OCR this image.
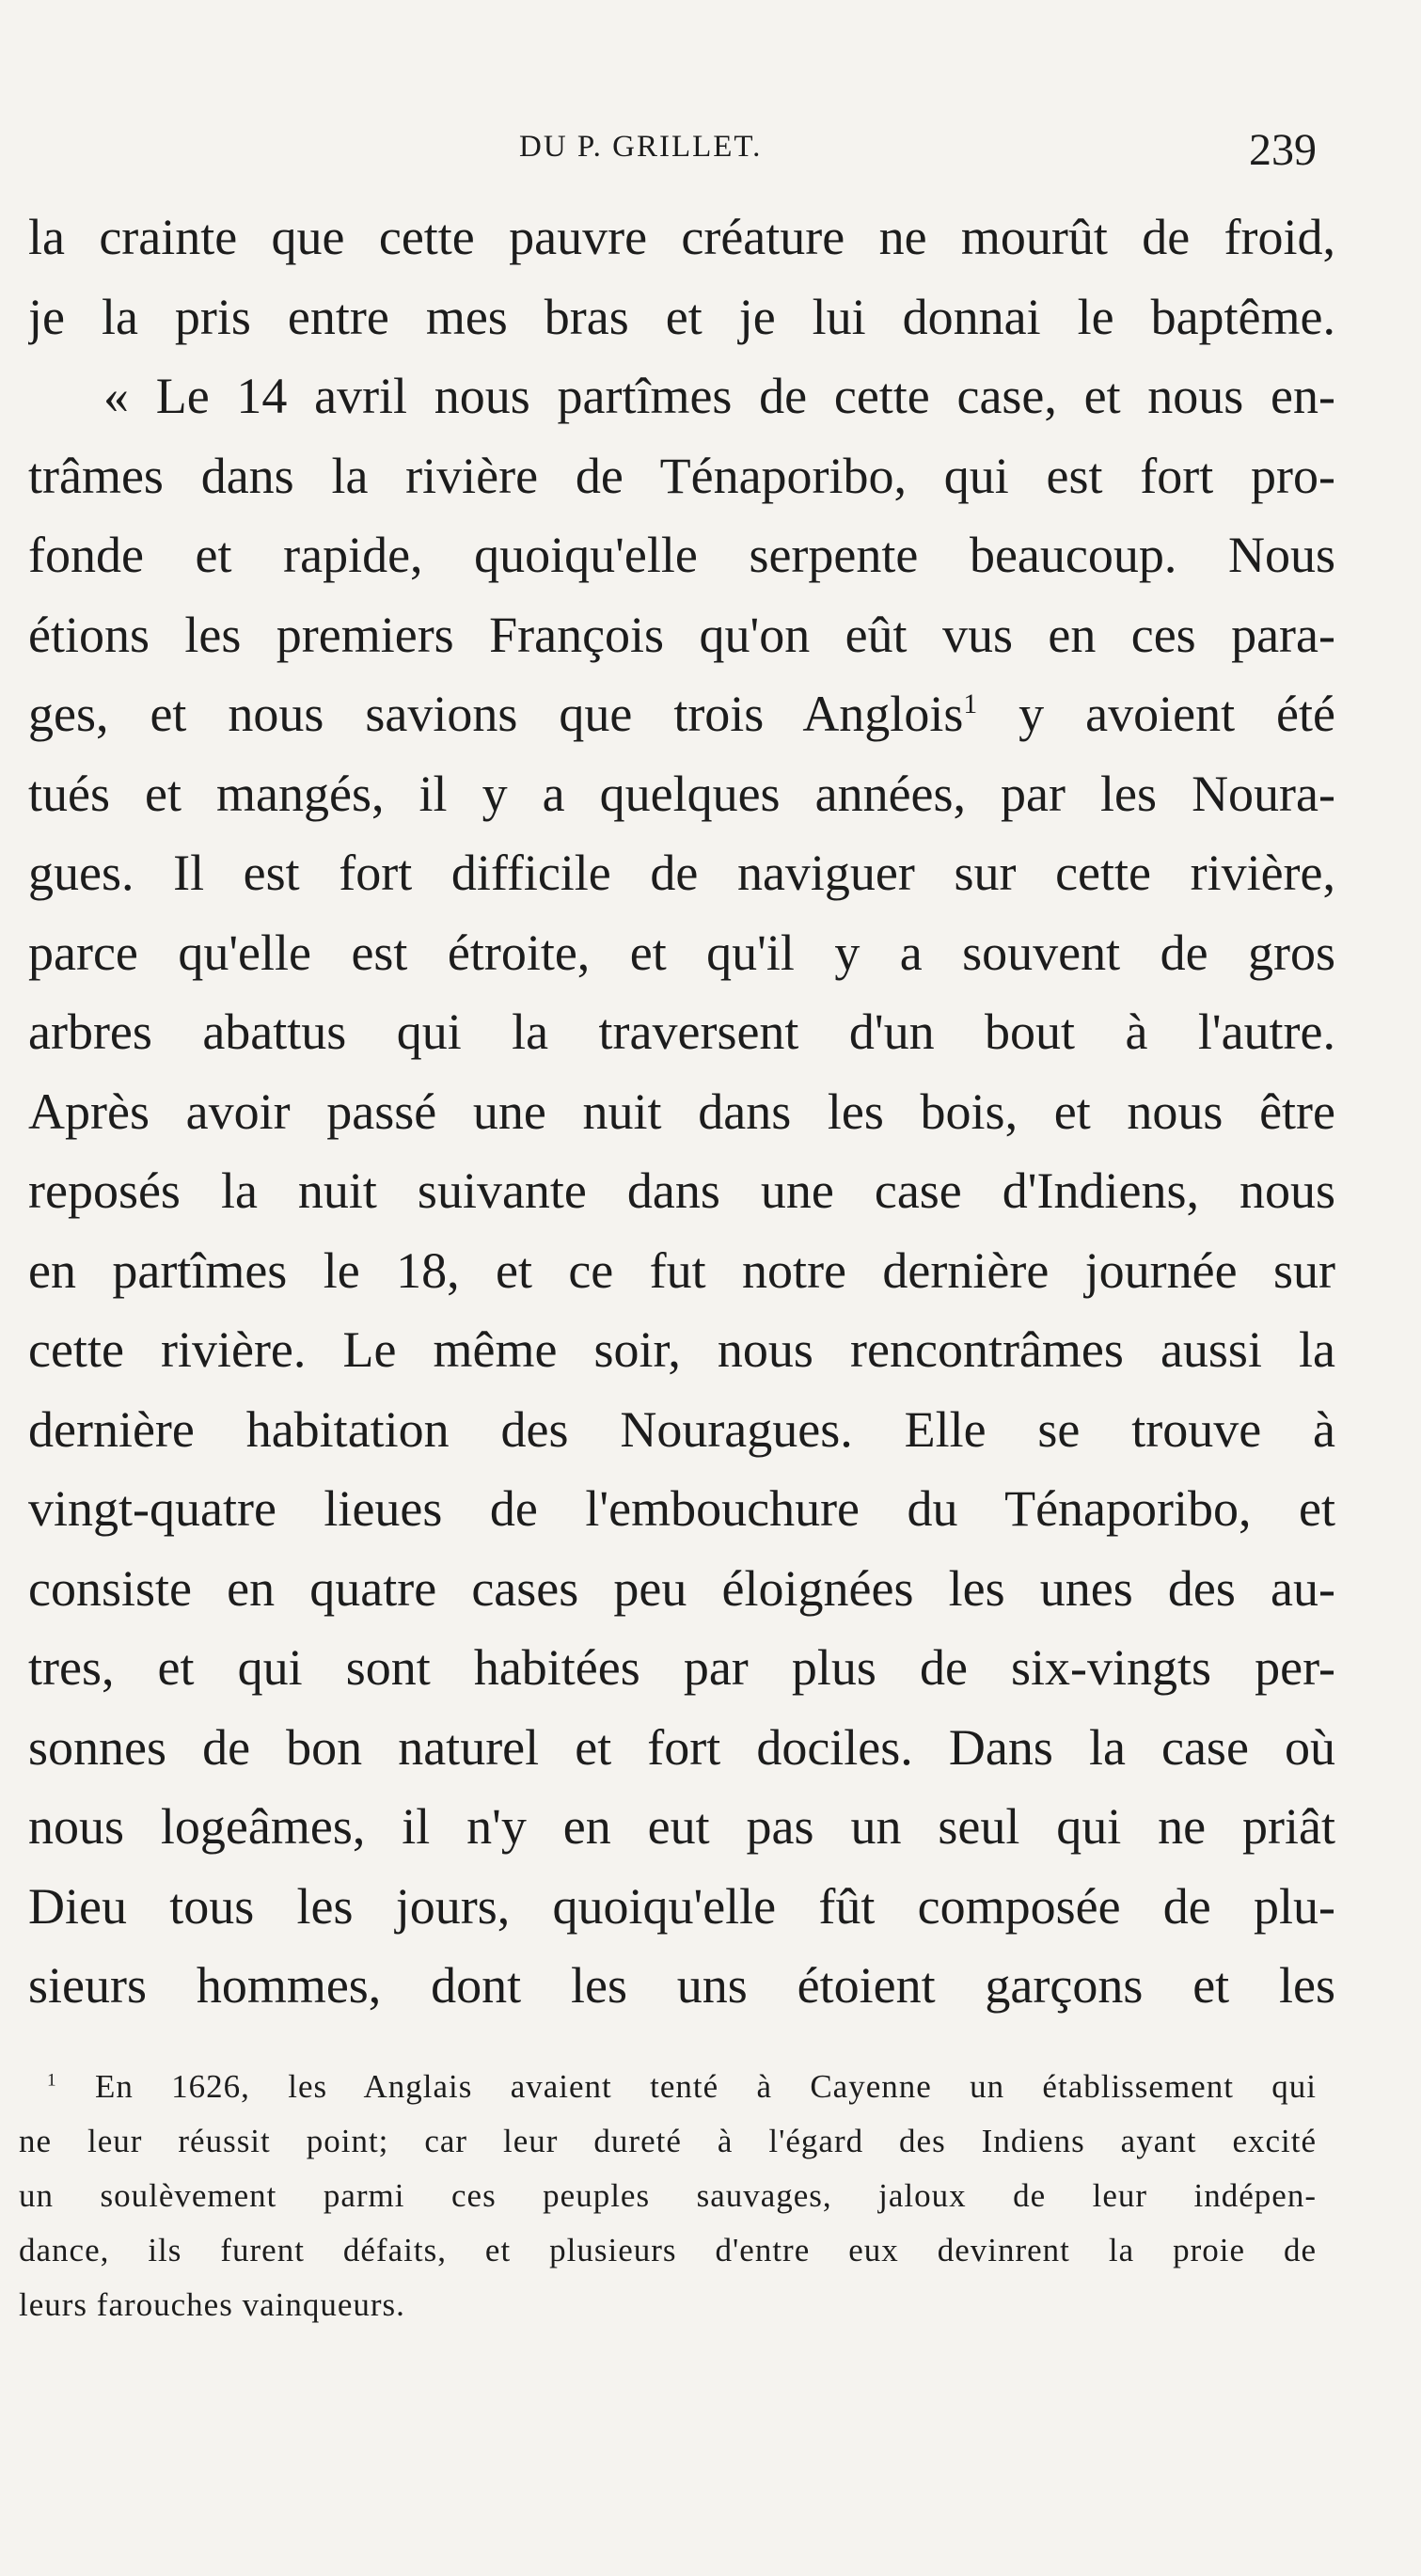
DU P. GRILLET.	239
la crainte que cette pauvre créature ne mourût de froid,
je la pris entre mes bras et je lui donnai le baptême.
« Le 14 avril nous partîmes de cette case, et nous en-
trâmes dans la rivière de Ténaporibo, qui est fort pro-
fonde et rapide, quoiqu'elle serpente beaucoup. Nous
étions les premiers François qu'on eût vus en ces para-
ges, et nous savions que trois Anglois$^1$ y avoient été
tués et mangés, il y a quelques années, par les Noura-
gues. Il est fort difficile de naviguer sur cette rivière,
parce qu'elle est étroite, et qu'il y a souvent de gros
arbres abattus qui la traversent d'un bout à l'autre.
Après avoir passé une nuit dans les bois, et nous être
reposés la nuit suivante dans une case d'Indiens, nous
en partîmes le 18, et ce fut notre dernière journée sur
cette rivière. Le même soir, nous rencontrâmes aussi la
dernière habitation des Nouragues. Elle se trouve à
vingt-quatre lieues de l'embouchure du Ténaporibo, et
consiste en quatre cases peu éloignées les unes des au-
tres, et qui sont habitées par plus de six-vingts per-
sonnes de bon naturel et fort dociles. Dans la case où
nous logeâmes, il n'y en eut pas un seul qui ne priât
Dieu tous les jours, quoiqu'elle fût composée de plu-
sieurs hommes, dont les uns étoient garçons et les
$^1$ En 1626, les Anglais avaient tenté à Cayenne un établissement qui
ne leur réussit point; car leur dureté à l'égard des Indiens ayant excité
un soulèvement parmi ces peuples sauvages, jaloux de leur indépen-
dance, ils furent défaits, et plusieurs d'entre eux devinrent la proie de
leurs farouches vainqueurs.
